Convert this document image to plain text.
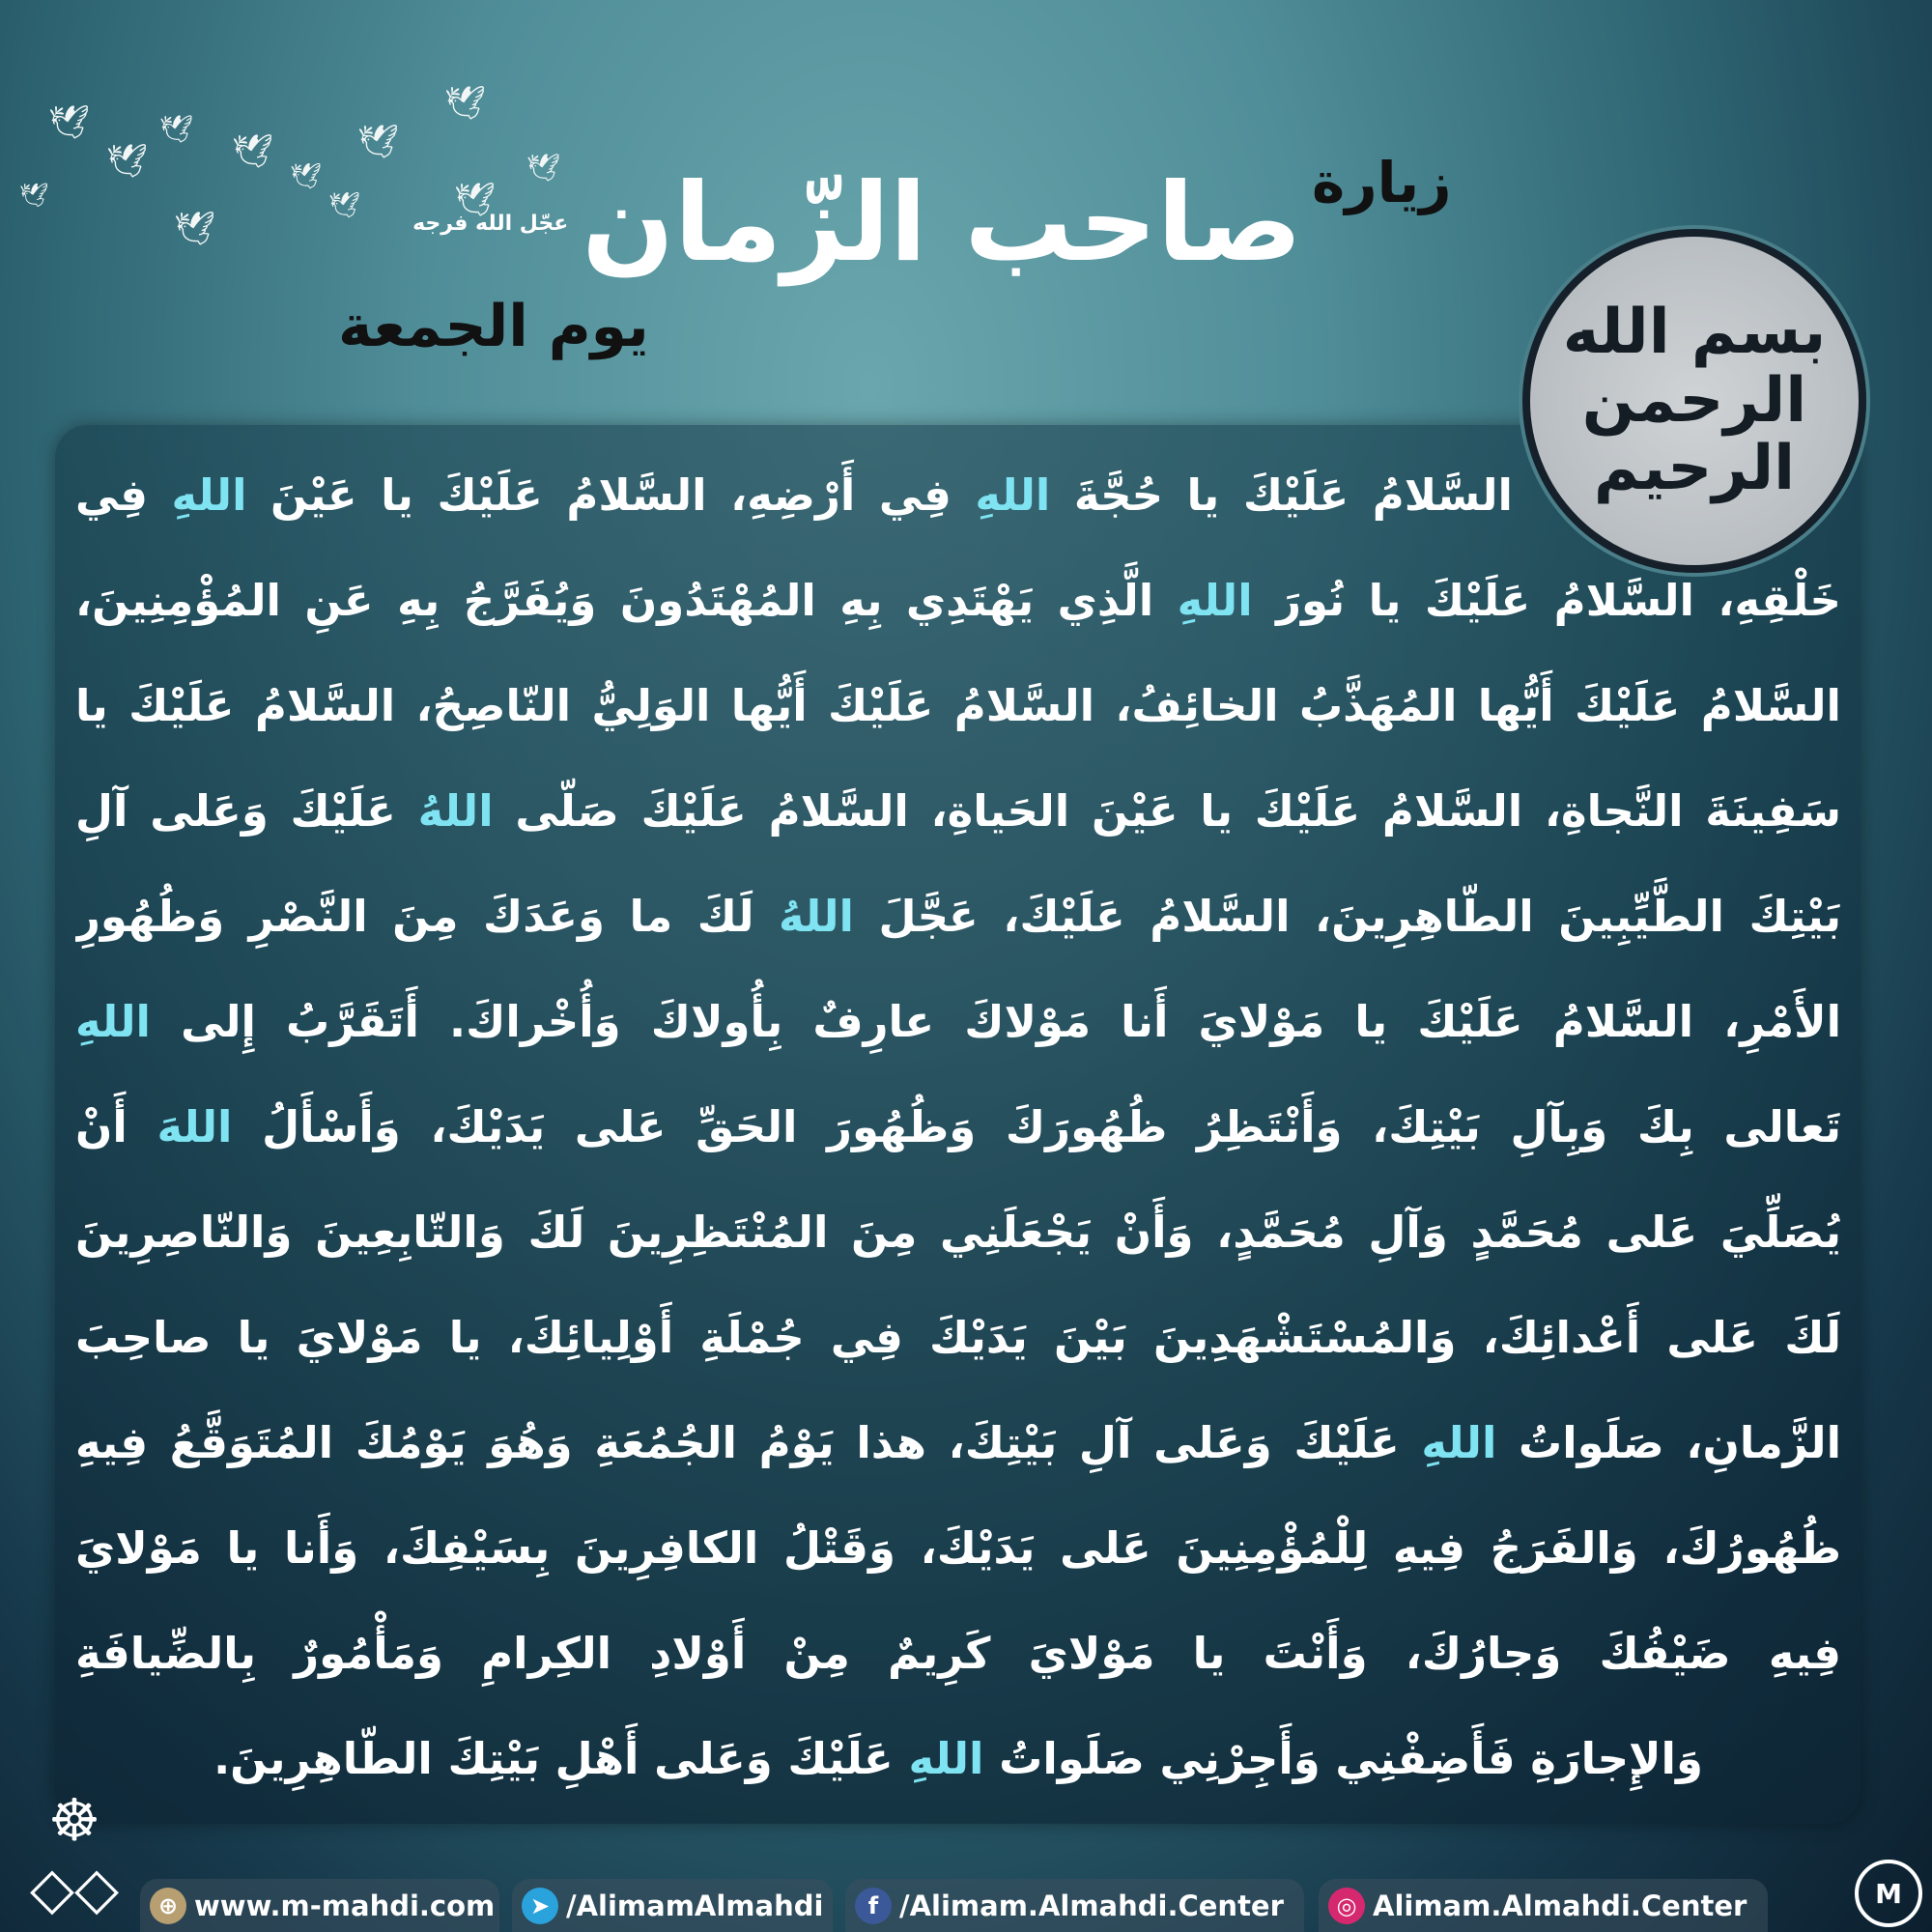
🕊
🕊
🕊
🕊
🕊
🕊
🕊
🕊
🕊
🕊
🕊
🕊	زيارة
صاحب الزّمان
عجّل الله فرجه
يوم الجمعة
السَّلامُ عَلَيْكَ يا حُجَّةَ اللهِ فِي أَرْضِهِ، السَّلامُ عَلَيْكَ يا عَيْنَ اللهِ فِي
خَلْقِهِ، السَّلامُ عَلَيْكَ يا نُورَ اللهِ الَّذِي يَهْتَدِي بِهِ المُهْتَدُونَ وَيُفَرَّجُ بِهِ عَنِ المُؤْمِنِينَ،
السَّلامُ عَلَيْكَ أَيُّها المُهَذَّبُ الخائِفُ، السَّلامُ عَلَيْكَ أَيُّها الوَلِيُّ النّاصِحُ، السَّلامُ عَلَيْكَ يا
سَفِينَةَ النَّجاةِ، السَّلامُ عَلَيْكَ يا عَيْنَ الحَياةِ، السَّلامُ عَلَيْكَ صَلّى اللهُ عَلَيْكَ وَعَلى آلِ
بَيْتِكَ الطَّيِّبِينَ الطّاهِرِينَ، السَّلامُ عَلَيْكَ، عَجَّلَ اللهُ لَكَ ما وَعَدَكَ مِنَ النَّصْرِ وَظُهُورِ
الأَمْرِ، السَّلامُ عَلَيْكَ يا مَوْلايَ أَنا مَوْلاكَ عارِفٌ بِأُولاكَ وَأُخْراكَ. أَتَقَرَّبُ إِلى اللهِ
تَعالى بِكَ وَبِآلِ بَيْتِكَ، وَأَنْتَظِرُ ظُهُورَكَ وَظُهُورَ الحَقِّ عَلى يَدَيْكَ، وَأَسْأَلُ اللهَ أَنْ
يُصَلِّيَ عَلى مُحَمَّدٍ وَآلِ مُحَمَّدٍ، وَأَنْ يَجْعَلَنِي مِنَ المُنْتَظِرِينَ لَكَ وَالتّابِعِينَ وَالنّاصِرِينَ
لَكَ عَلى أَعْدائِكَ، وَالمُسْتَشْهَدِينَ بَيْنَ يَدَيْكَ فِي جُمْلَةِ أَوْلِيائِكَ، يا مَوْلايَ يا صاحِبَ
الزَّمانِ، صَلَواتُ اللهِ عَلَيْكَ وَعَلى آلِ بَيْتِكَ، هذا يَوْمُ الجُمُعَةِ وَهُوَ يَوْمُكَ المُتَوَقَّعُ فِيهِ
ظُهُورُكَ، وَالفَرَجُ فِيهِ لِلْمُؤْمِنِينَ عَلى يَدَيْكَ، وَقَتْلُ الكافِرِينَ بِسَيْفِكَ، وَأَنا يا مَوْلايَ
فِيهِ ضَيْفُكَ وَجارُكَ، وَأَنْتَ يا مَوْلايَ كَرِيمٌ مِنْ أَوْلادِ الكِرامِ وَمَأْمُورٌ بِالضِّيافَةِ
وَالإِجارَةِ فَأَضِفْنِي وَأَجِرْنِي صَلَواتُ اللهِ عَلَيْكَ وَعَلى أَهْلِ بَيْتِكَ الطّاهِرِينَ.
بسم الله الرحمن الرحيم
☸
◇◇	M
⊕ www.m-mahdi.com	➤ /AlimamAlmahdi	f /Alimam.Almahdi.Center	◎ Alimam.Almahdi.Center
